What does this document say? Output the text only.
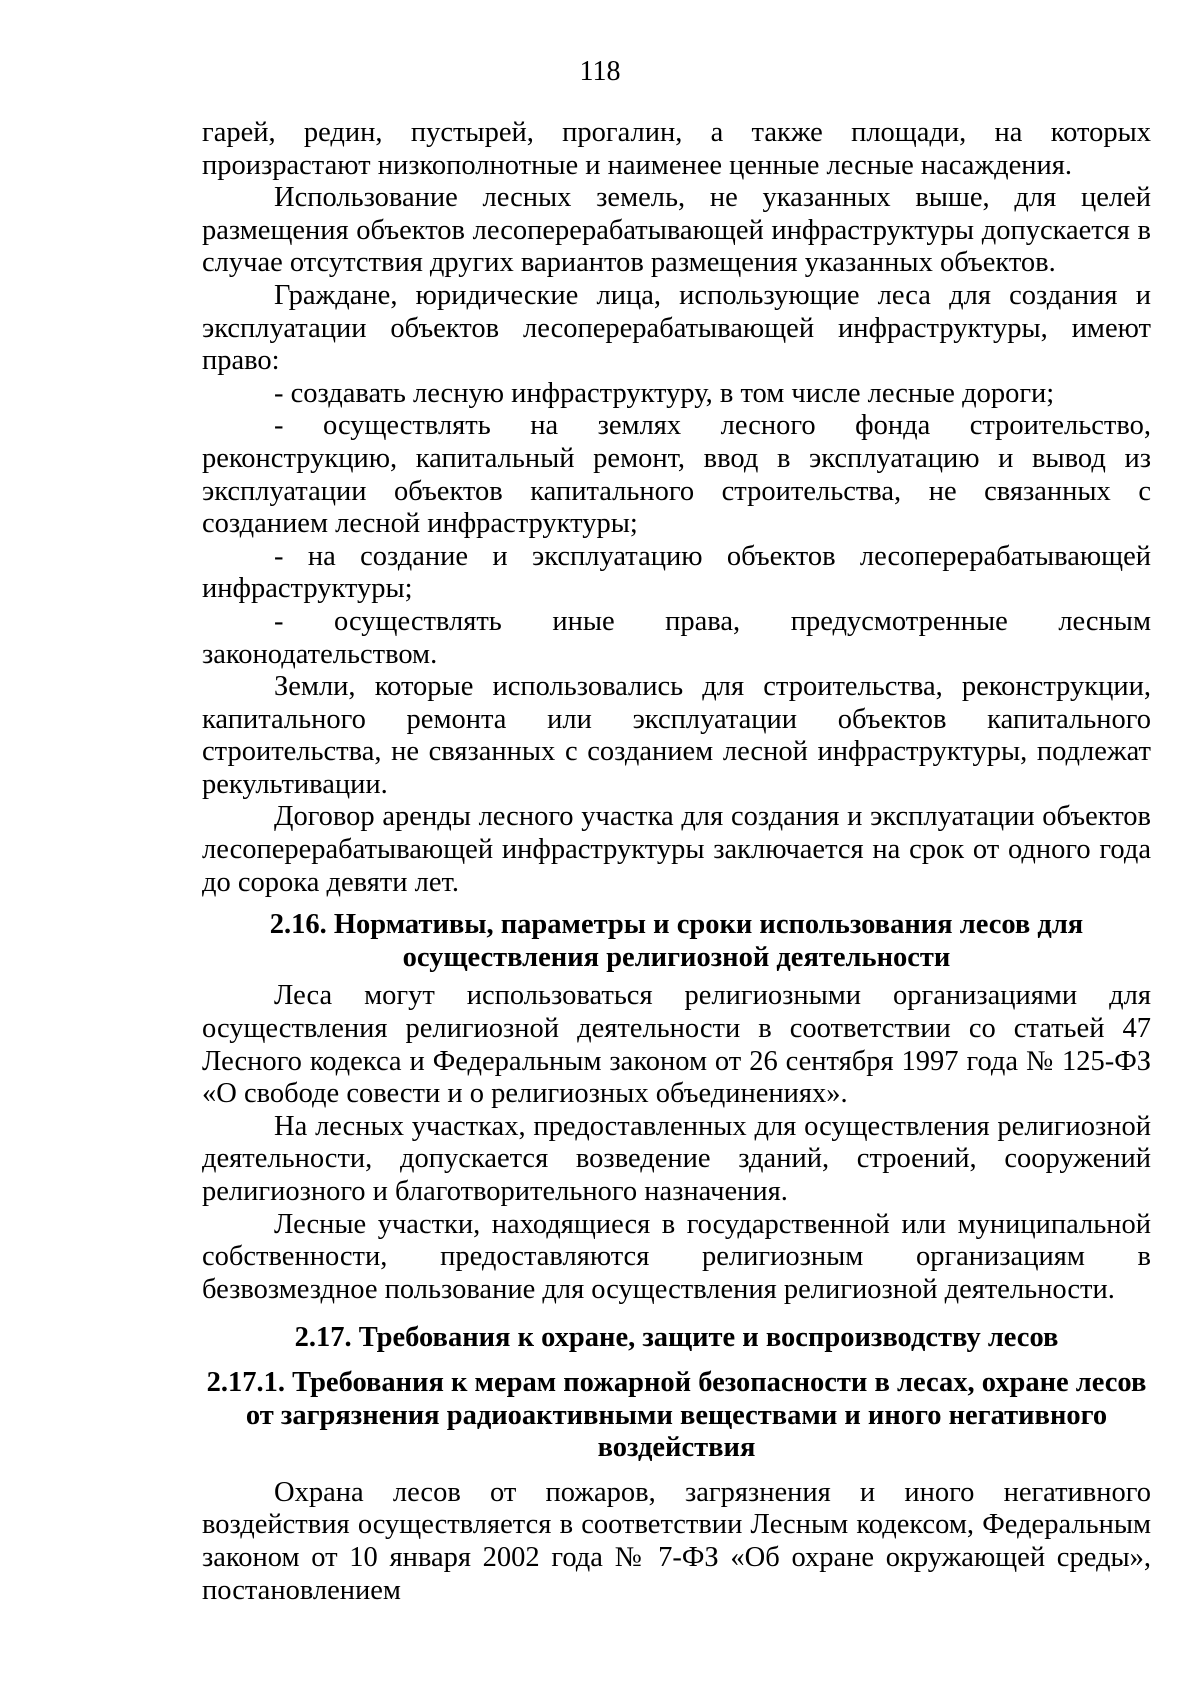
118

гарей, редин, пустырей, прогалин, а также площади, на которых произрастают низкополнотные и наименее ценные лесные насаждения.

Использование лесных земель, не указанных выше, для целей размещения объектов лесоперерабатывающей инфраструктуры допускается в случае отсутствия других вариантов размещения указанных объектов.

Граждане, юридические лица, использующие леса для создания и эксплуатации объектов лесоперерабатывающей инфраструктуры, имеют право:

- создавать лесную инфраструктуру, в том числе лесные дороги;

- осуществлять на землях лесного фонда строительство, реконструкцию, капитальный ремонт, ввод в эксплуатацию и вывод из эксплуатации объектов капитального строительства, не связанных с созданием лесной инфраструктуры;

- на создание и эксплуатацию объектов лесоперерабатывающей инфраструктуры;

- осуществлять иные права, предусмотренные лесным законодательством.

Земли, которые использовались для строительства, реконструкции, капитального ремонта или эксплуатации объектов капитального строительства, не связанных с созданием лесной инфраструктуры, подлежат рекультивации.

Договор аренды лесного участка для создания и эксплуатации объектов лесоперерабатывающей инфраструктуры заключается на срок от одного года до сорока девяти лет.

2.16. Нормативы, параметры и сроки использования лесов для
осуществления религиозной деятельности

Леса могут использоваться религиозными организациями для осуществления религиозной деятельности в соответствии со статьей 47 Лесного кодекса и Федеральным законом от 26 сентября 1997 года № 125-ФЗ «О свободе совести и о религиозных объединениях».

На лесных участках, предоставленных для осуществления религиозной деятельности, допускается возведение зданий, строений, сооружений религиозного и благотворительного назначения.

Лесные участки, находящиеся в государственной или муниципальной собственности, предоставляются религиозным организациям в безвозмездное пользование для осуществления религиозной деятельности.

2.17. Требования к охране, защите и воспроизводству лесов
2.17.1. Требования к мерам пожарной безопасности в лесах, охране лесов
от загрязнения радиоактивными веществами и иного негативного
воздействия

Охрана лесов от пожаров, загрязнения и иного негативного воздействия осуществляется в соответствии Лесным кодексом, Федеральным законом от 10 января 2002 года № 7-ФЗ «Об охране окружающей среды», постановлением
